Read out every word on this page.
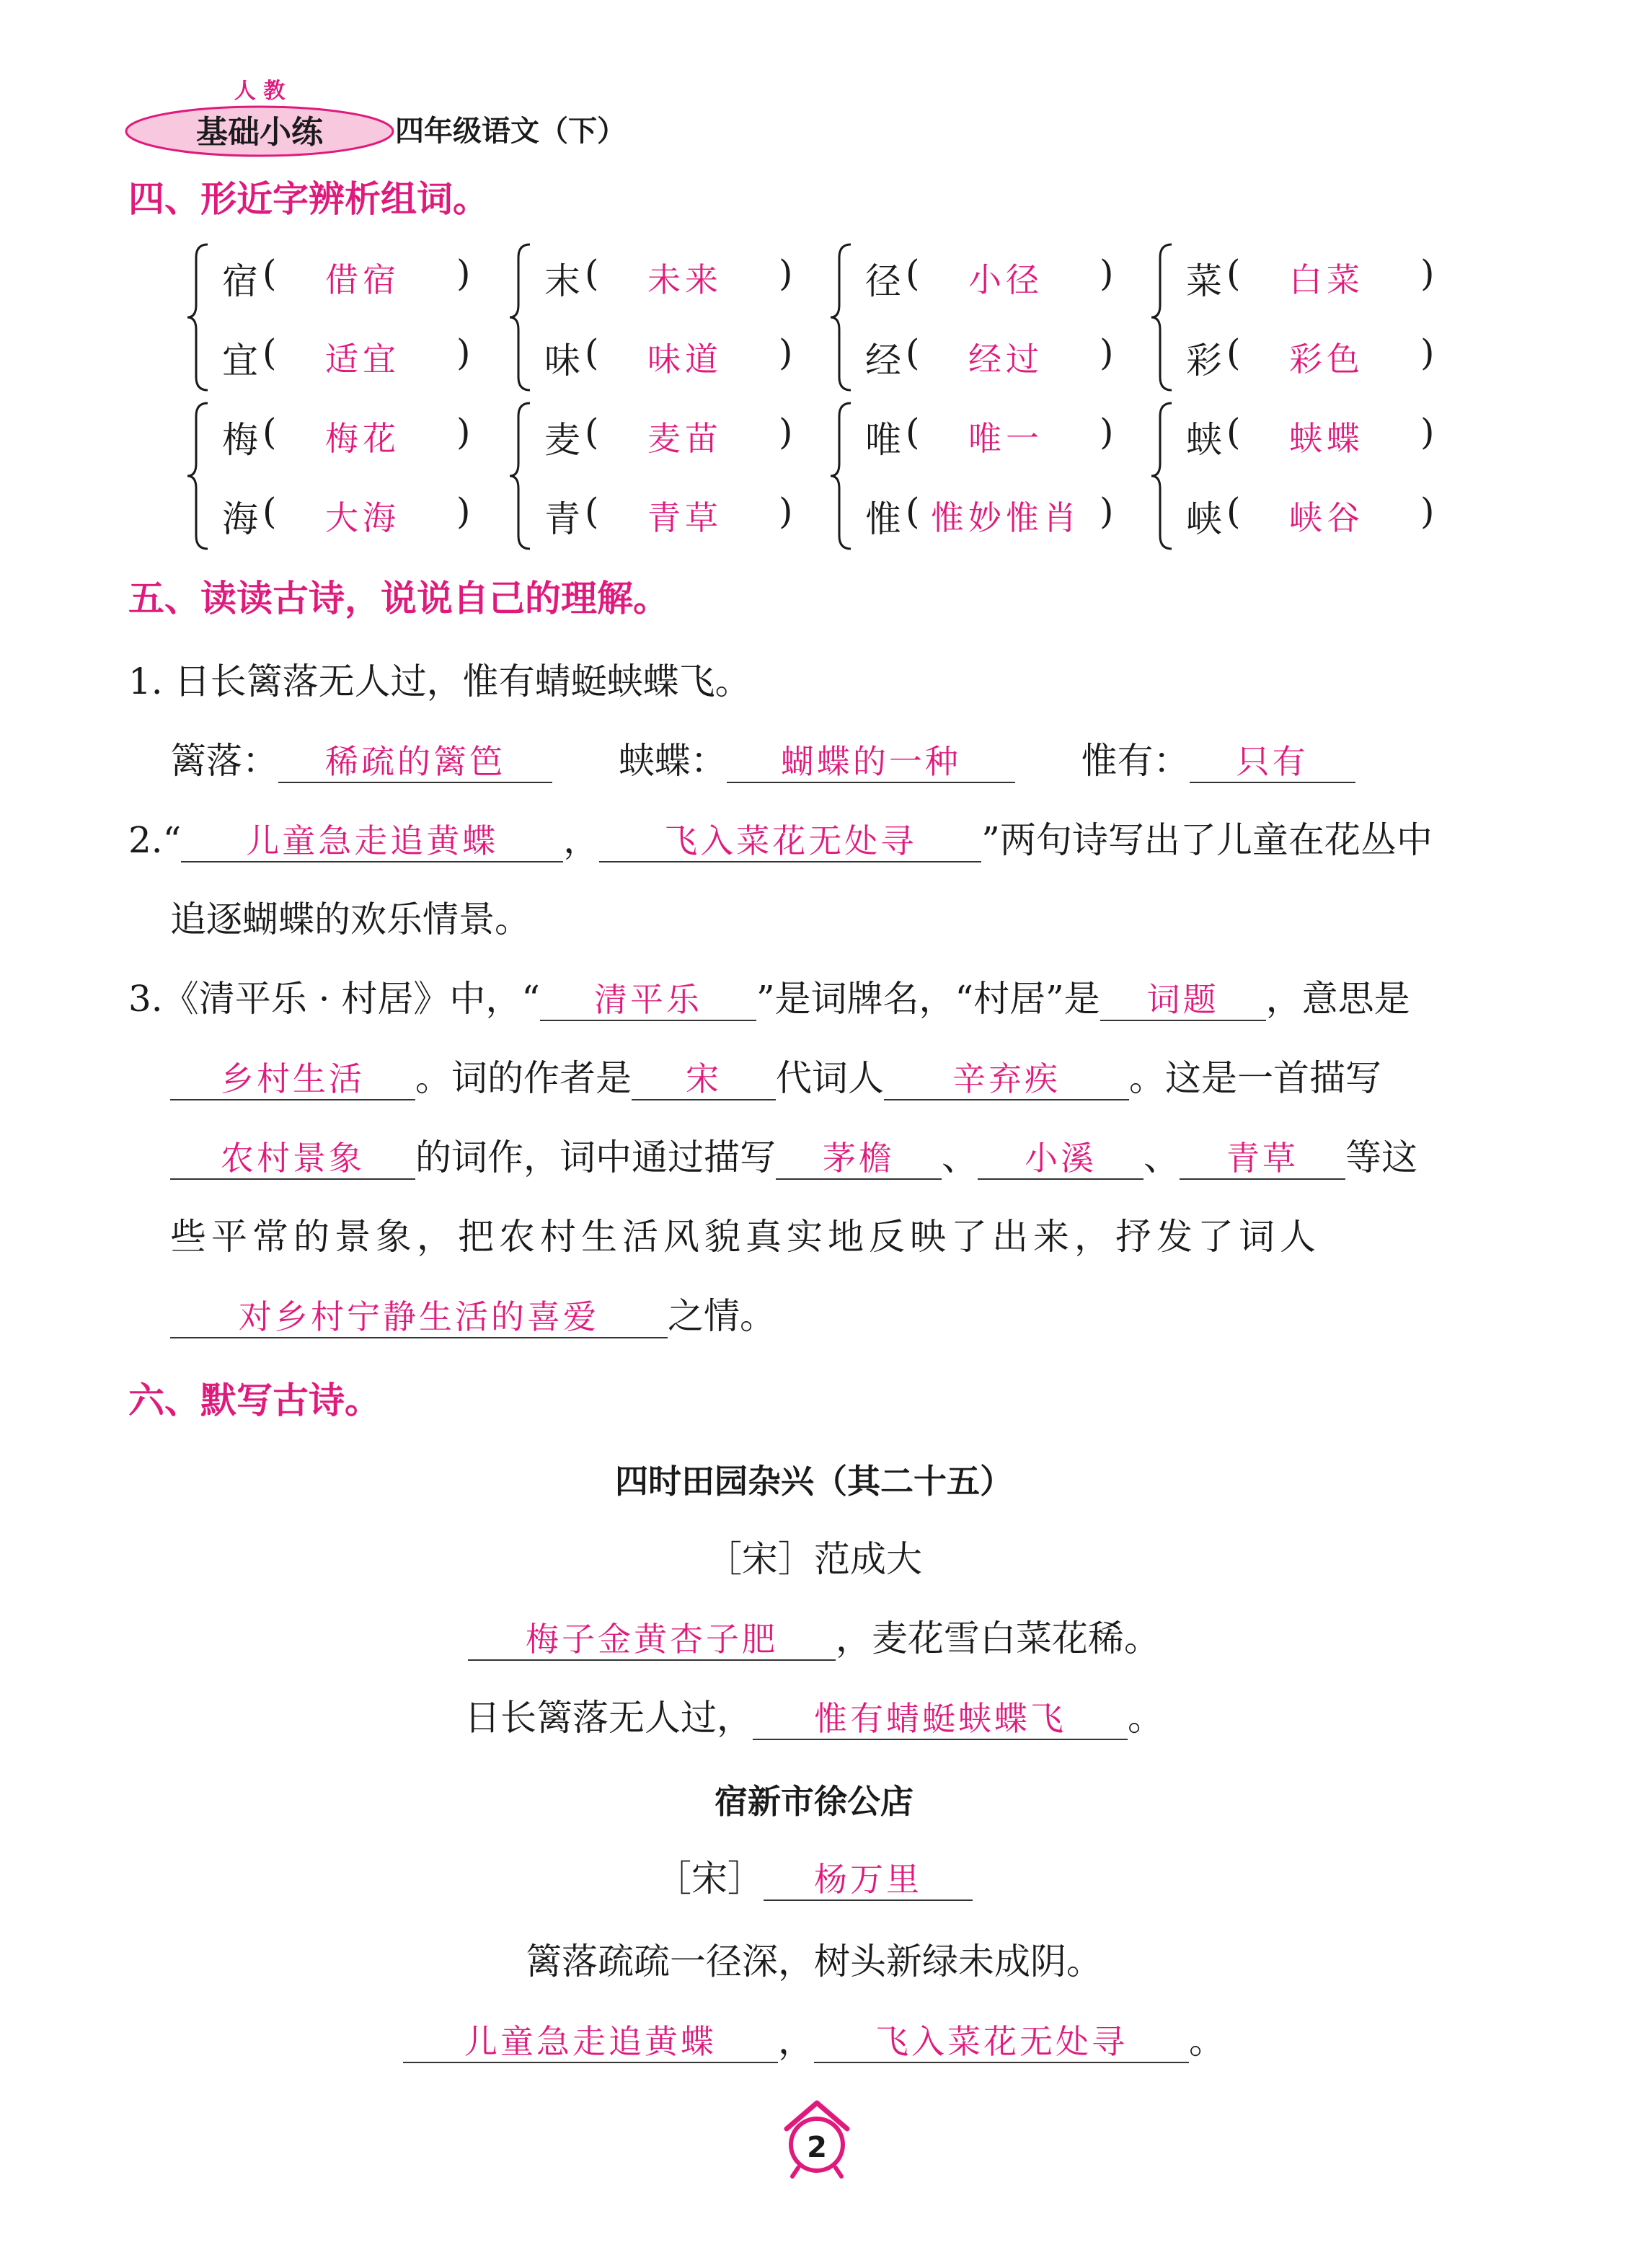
人 教
基础小练	四年级语文（下）
四、形近字辨析组词。
宿 (	借宿	)
宜 (	适宜	)
末 (	未来	)
味 (	味道	)
径 (	小径	)
经 (	经过	)
菜 (	白菜	)
彩 (	彩色	)
梅 (	梅花	)
海 (	大海	)
麦 (	麦苗	)
青 (	青草	)
唯 (	唯一	)
惟 ( 惟妙惟肖 )
蛱 (	蛱蝶	)
峡 (	峡谷	)
五、读读古诗，说说自己的理解。
1. 日长篱落无人过，惟有蜻蜓蛱蝶飞。
篱落： 稀疏的篱笆	蛱蝶： 蝴蝶的一种	惟有： 只有
2.“ 儿童急走追黄蝶 ， 飞入菜花无处寻 ”两句诗写出了儿童在花丛中
追逐蝴蝶的欢乐情景。
3.《清平乐 · 村居》中，“ 清平乐 ”是词牌名，“村居”是 词题 ，意思是
乡村生活 。词的作者是 宋 代词人 辛弃疾 。这是一首描写
农村景象 的词作，词中通过描写 茅檐 、 小溪 、 青草 等这
些平常的景象，把农村生活风貌真实地反映了出来，抒发了词人
对乡村宁静生活的喜爱 之情。
六、默写古诗。
四时田园杂兴（其二十五）
［宋］范成大
梅子金黄杏子肥 ，麦花雪白菜花稀。
日长篱落无人过， 惟有蜻蜓蛱蝶飞 。
宿新市徐公店
［宋］ 杨万里
篱落疏疏一径深，树头新绿未成阴。
儿童急走追黄蝶 ， 飞入菜花无处寻 。
2
